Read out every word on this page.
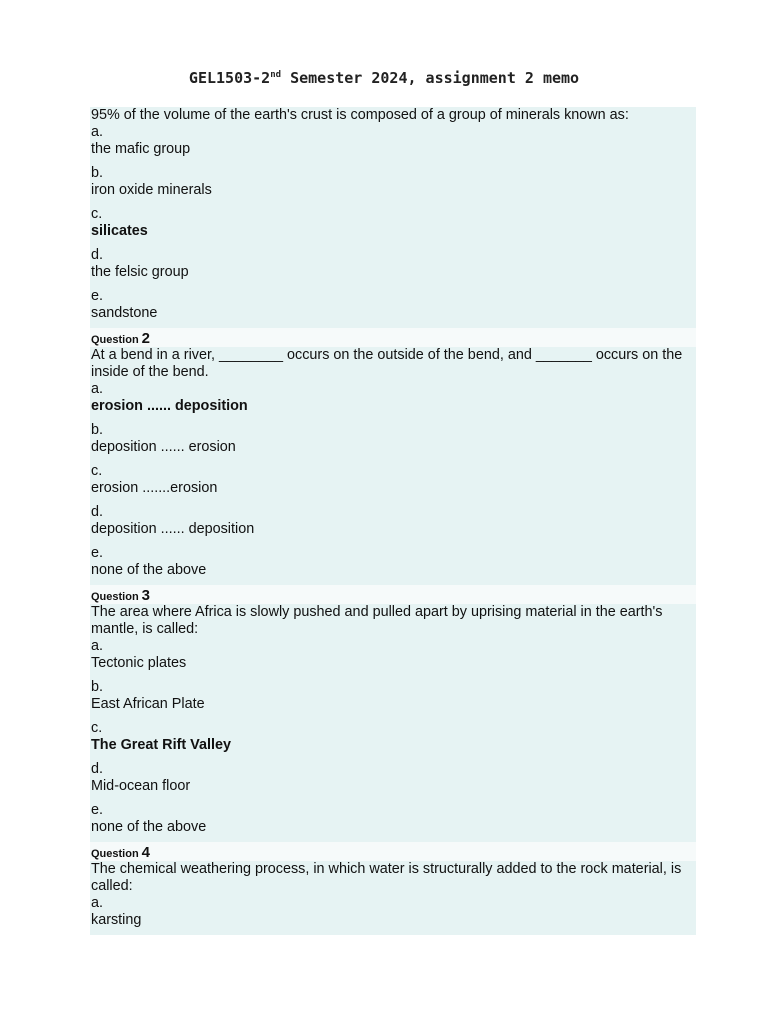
GEL1503-2nd Semester 2024, assignment 2 memo
95% of the volume of the earth's crust is composed of a group of minerals known as:
a.
the mafic group
b.
iron oxide minerals
c.
silicates
d.
the felsic group
e.
sandstone
Question 2
At a bend in a river, ________ occurs on the outside of the bend, and _______ occurs on the inside of the bend.
a.
erosion ...... deposition
b.
deposition ...... erosion
c.
erosion .......erosion
d.
deposition ...... deposition
e.
none of the above
Question 3
The area where Africa is slowly pushed and pulled apart by uprising material in the earth's mantle, is called:
a.
Tectonic plates
b.
East African Plate
c.
The Great Rift Valley
d.
Mid-ocean floor
e.
none of the above
Question 4
The chemical weathering process, in which water is structurally added to the rock material, is called:
a.
karsting
